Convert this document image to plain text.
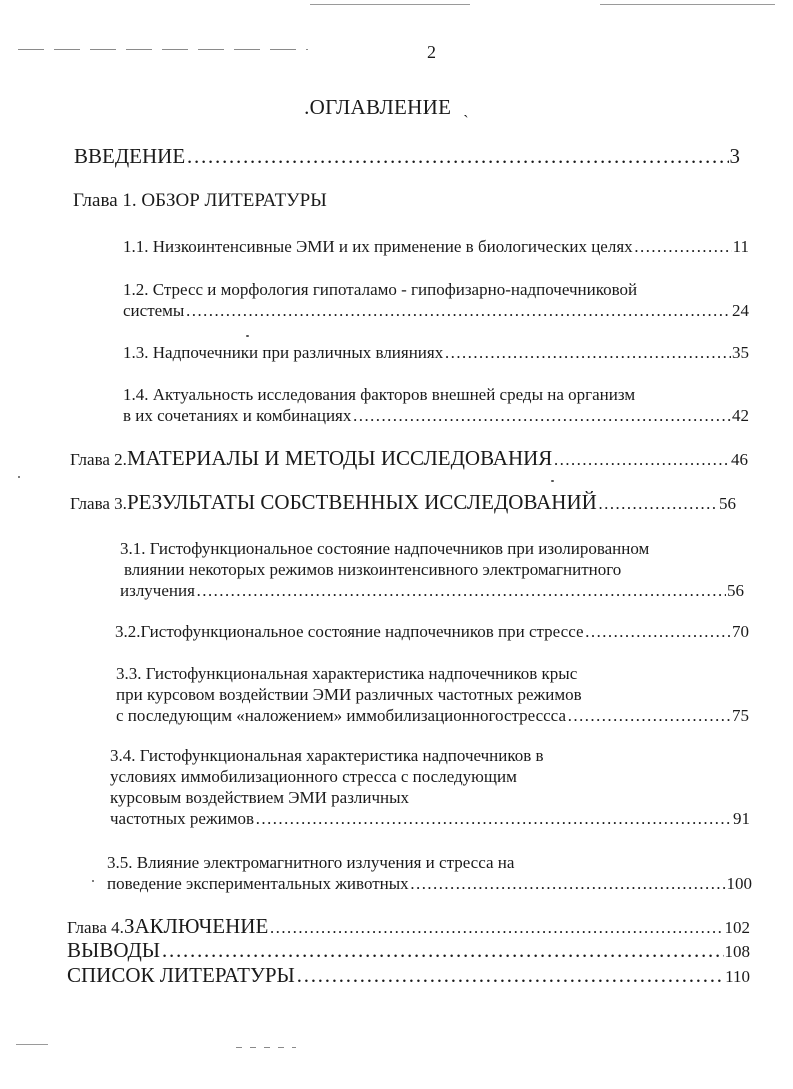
2
.ОГЛАВЛЕНИЕ ˏ
ВВЕДЕНИЕ ……………………………………………………………………………………………………………………………………………………	3
Глава 1. ОБЗОР ЛИТЕРАТУРЫ
1.1. Низкоинтенсивные ЭМИ и их применение в биологических целях ……………………………………………………………………………………………………………………………………………………	11
1.2. Стресс и морфология гипоталамо - гипофизарно-надпочечниковой
системы ……………………………………………………………………………………………………………………………………………………	24
1.3. Надпочечники при различных влияниях ……………………………………………………………………………………………………………………………………………………	35
1.4. Актуальность исследования факторов внешней среды на организм
в их сочетаниях и комбинациях ……………………………………………………………………………………………………………………………………………………	42
Глава 2. МАТЕРИАЛЫ И МЕТОДЫ ИССЛЕДОВАНИЯ ……………………………………………………………………………………………………………………………………………………	46
Глава 3. РЕЗУЛЬТАТЫ СОБСТВЕННЫХ ИССЛЕДОВАНИЙ ……………………………………………………………………………………………………………………………………………………	56
3.1. Гистофункциональное состояние надпочечников при изолированном
влиянии некоторых режимов низкоинтенсивного электромагнитного
излучения ……………………………………………………………………………………………………………………………………………………	56
3.2.Гистофункциональное состояние надпочечников при стрессе ……………………………………………………………………………………………………………………………………………………	70
3.3. Гистофункциональная характеристика надпочечников крыс
при курсовом воздействии ЭМИ различных частотных режимов
с последующим «наложением» иммобилизационногострессса ……………………………………………………………………………………………………………………………………………………	75
3.4. Гистофункциональная характеристика надпочечников в
условиях иммобилизационного стресса с последующим
курсовым воздействием ЭМИ различных
частотных режимов ……………………………………………………………………………………………………………………………………………………	91
3.5. Влияние электромагнитного излучения и стресса на
поведение экспериментальных животных ……………………………………………………………………………………………………………………………………………………	100
Глава 4. ЗАКЛЮЧЕНИЕ ……………………………………………………………………………………………………………………………………………………	102
ВЫВОДЫ ……………………………………………………………………………………………………………………………………………………	108
СПИСОК ЛИТЕРАТУРЫ ……………………………………………………………………………………………………………………………………………………	110
